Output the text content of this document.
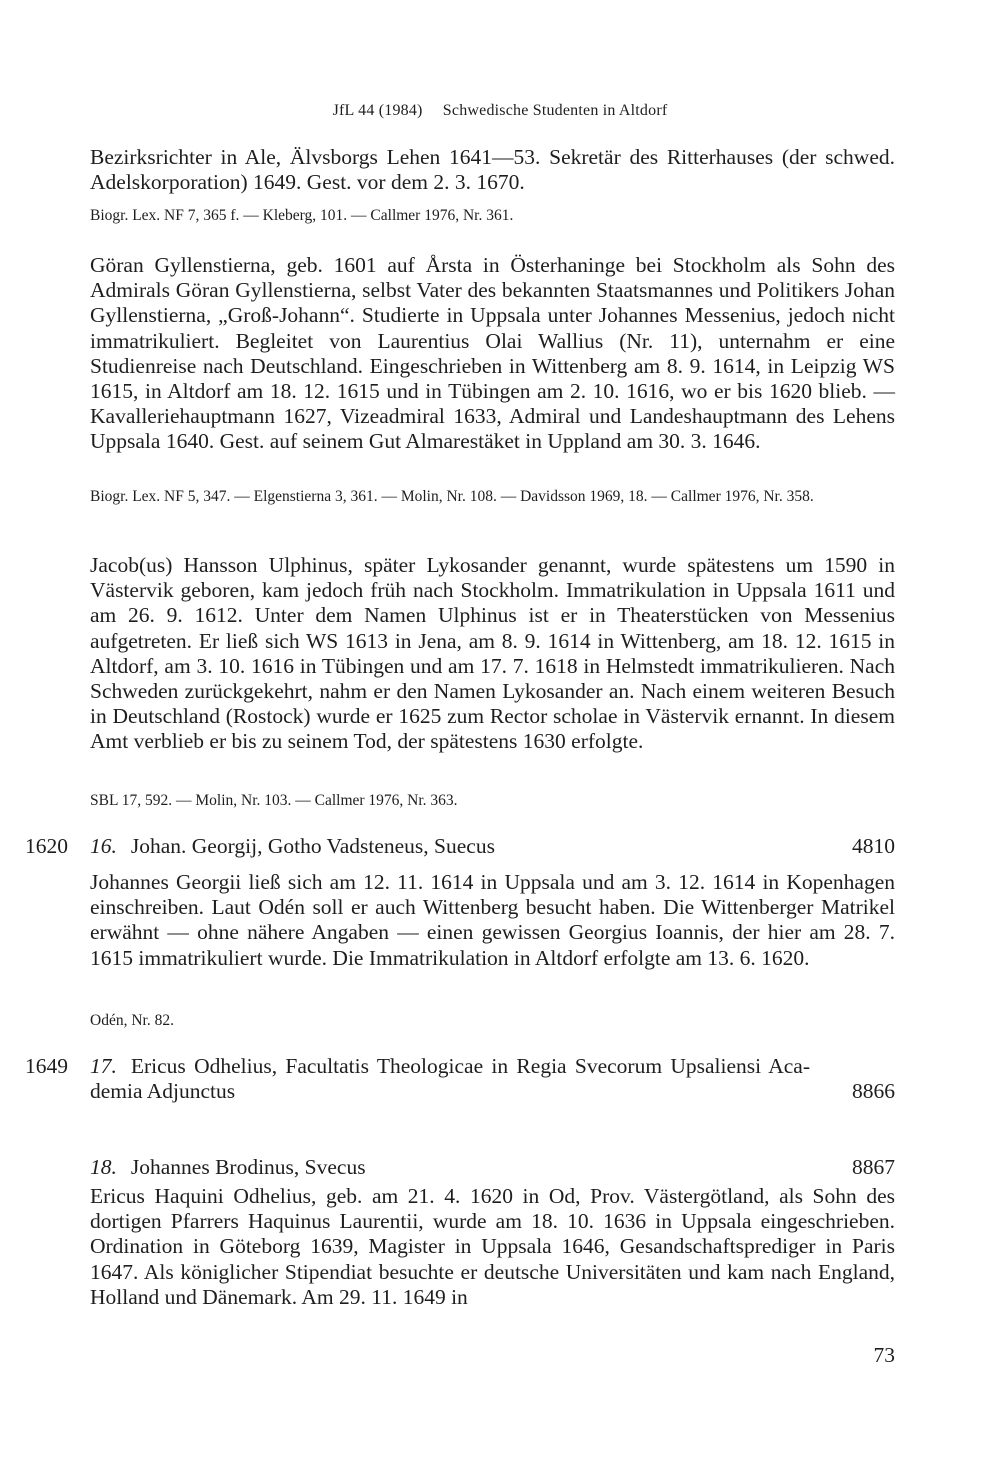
JfL 44 (1984) Schwedische Studenten in Altdorf

Bezirksrichter in Ale, Älvsborgs Lehen 1641—53. Sekretär des Ritterhauses (der schwed. Adelskorporation) 1649. Gest. vor dem 2. 3. 1670.

Biogr. Lex. NF 7, 365 f. — Kleberg, 101. — Callmer 1976, Nr. 361.

Göran Gyllenstierna, geb. 1601 auf Årsta in Österhaninge bei Stockholm als Sohn des Admirals Göran Gyllenstierna, selbst Vater des bekannten Staatsmannes und Politikers Johan Gyllenstierna, „Groß-Johann“. Studierte in Uppsala unter Johannes Messenius, jedoch nicht immatrikuliert. Begleitet von Laurentius Olai Wallius (Nr. 11), unternahm er eine Studienreise nach Deutschland. Eingeschrieben in Wittenberg am 8. 9. 1614, in Leipzig WS 1615, in Altdorf am 18. 12. 1615 und in Tübingen am 2. 10. 1616, wo er bis 1620 blieb. — Kavalleriehauptmann 1627, Vizeadmiral 1633, Admiral und Landeshauptmann des Lehens Uppsala 1640. Gest. auf seinem Gut Almarestäket in Uppland am 30. 3. 1646.

Biogr. Lex. NF 5, 347. — Elgenstierna 3, 361. — Molin, Nr. 108. — Davidsson 1969, 18. — Callmer 1976, Nr. 358.

Jacob(us) Hansson Ulphinus, später Lykosander genannt, wurde spätestens um 1590 in Västervik geboren, kam jedoch früh nach Stockholm. Immatrikulation in Uppsala 1611 und am 26. 9. 1612. Unter dem Namen Ulphinus ist er in Theaterstücken von Messenius aufgetreten. Er ließ sich WS 1613 in Jena, am 8. 9. 1614 in Wittenberg, am 18. 12. 1615 in Altdorf, am 3. 10. 1616 in Tübingen und am 17. 7. 1618 in Helmstedt immatrikulieren. Nach Schweden zurückgekehrt, nahm er den Namen Lykosander an. Nach einem weiteren Besuch in Deutschland (Rostock) wurde er 1625 zum Rector scholae in Västervik ernannt. In diesem Amt verblieb er bis zu seinem Tod, der spätestens 1630 erfolgte.

SBL 17, 592. — Molin, Nr. 103. — Callmer 1976, Nr. 363.

1620 16. Johan. Georgij, Gotho Vadsteneus, Suecus	4810

Johannes Georgii ließ sich am 12. 11. 1614 in Uppsala und am 3. 12. 1614 in Kopenhagen einschreiben. Laut Odén soll er auch Wittenberg besucht haben. Die Wittenberger Matrikel erwähnt — ohne nähere Angaben — einen gewissen Georgius Ioannis, der hier am 28. 7. 1615 immatrikuliert wurde. Die Immatrikulation in Altdorf erfolgte am 13. 6. 1620.

Odén, Nr. 82.

1649 17. Ericus Odhelius, Facultatis Theologicae in Regia Svecorum Upsaliensi Academia Adjunctus	8866
18. Johannes Brodinus, Svecus	8867

Ericus Haquini Odhelius, geb. am 21. 4. 1620 in Od, Prov. Västergötland, als Sohn des dortigen Pfarrers Haquinus Laurentii, wurde am 18. 10. 1636 in Uppsala eingeschrieben. Ordination in Göteborg 1639, Magister in Uppsala 1646, Gesandschaftsprediger in Paris 1647. Als königlicher Stipendiat besuchte er deutsche Universitäten und kam nach England, Holland und Dänemark. Am 29. 11. 1649 in

73
